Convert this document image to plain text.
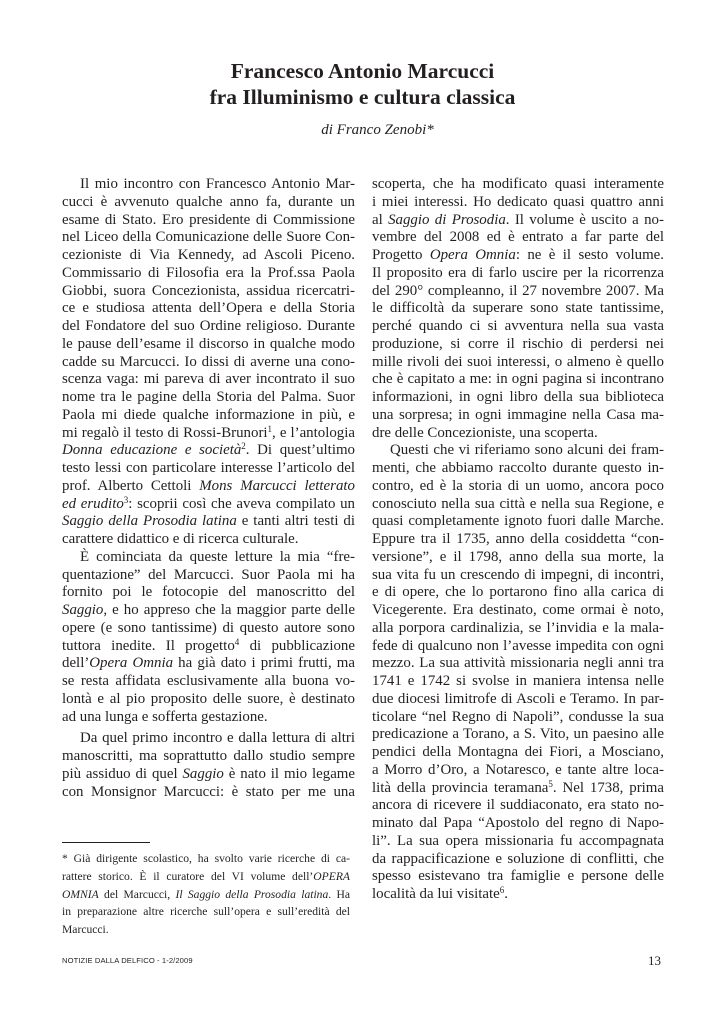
Francesco Antonio Marcucci
fra Illuminismo e cultura classica
di Franco Zenobi*
Il mio incontro con Francesco Antonio Mar-
cucci è avvenuto qualche anno fa, durante un
esame di Stato. Ero presidente di Commissione
nel Liceo della Comunicazione delle Suore Con-
cezioniste di Via Kennedy, ad Ascoli Piceno.
Commissario di Filosofia era la Prof.ssa Paola
Giobbi, suora Concezionista, assidua ricercatri-
ce e studiosa attenta dell’Opera e della Storia
del Fondatore del suo Ordine religioso. Durante
le pause dell’esame il discorso in qualche modo
cadde su Marcucci. Io dissi di averne una cono-
scenza vaga: mi pareva di aver incontrato il suo
nome tra le pagine della Storia del Palma. Suor
Paola mi diede qualche informazione in più, e
mi regalò il testo di Rossi-Brunori$^1$, e l’antologia
Donna educazione e società$^2$. Di quest’ultimo
testo lessi con particolare interesse l’articolo del
prof. Alberto Cettoli Mons Marcucci letterato
ed erudito$^3$: scoprii così che aveva compilato un
Saggio della Prosodia latina e tanti altri testi di
carattere didattico e di ricerca culturale.
È cominciata da queste letture la mia “fre-
quentazione” del Marcucci. Suor Paola mi ha
fornito poi le fotocopie del manoscritto del
Saggio, e ho appreso che la maggior parte delle
opere (e sono tantissime) di questo autore sono
tuttora inedite. Il progetto$^4$ di pubblicazione
dell’Opera Omnia ha già dato i primi frutti, ma
se resta affidata esclusivamente alla buona vo-
lontà e al pio proposito delle suore, è destinato
ad una lunga e sofferta gestazione.
Da quel primo incontro e dalla lettura di altri
manoscritti, ma soprattutto dallo studio sempre
più assiduo di quel Saggio è nato il mio legame
con Monsignor Marcucci: è stato per me una
scoperta, che ha modificato quasi interamente
i miei interessi. Ho dedicato quasi quattro anni
al Saggio di Prosodia. Il volume è uscito a no-
vembre del 2008 ed è entrato a far parte del
Progetto Opera Omnia: ne è il sesto volume.
Il proposito era di farlo uscire per la ricorrenza
del 290° compleanno, il 27 novembre 2007. Ma
le difficoltà da superare sono state tantissime,
perché quando ci si avventura nella sua vasta
produzione, si corre il rischio di perdersi nei
mille rivoli dei suoi interessi, o almeno è quello
che è capitato a me: in ogni pagina si incontrano
informazioni, in ogni libro della sua biblioteca
una sorpresa; in ogni immagine nella Casa ma-
dre delle Concezioniste, una scoperta.
Questi che vi riferiamo sono alcuni dei fram-
menti, che abbiamo raccolto durante questo in-
contro, ed è la storia di un uomo, ancora poco
conosciuto nella sua città e nella sua Regione, e
quasi completamente ignoto fuori dalle Marche.
Eppure tra il 1735, anno della cosiddetta “con-
versione”, e il 1798, anno della sua morte, la
sua vita fu un crescendo di impegni, di incontri,
e di opere, che lo portarono fino alla carica di
Vicegerente. Era destinato, come ormai è noto,
alla porpora cardinalizia, se l’invidia e la mala-
fede di qualcuno non l’avesse impedita con ogni
mezzo. La sua attività missionaria negli anni tra
1741 e 1742 si svolse in maniera intensa nelle
due diocesi limitrofe di Ascoli e Teramo. In par-
ticolare “nel Regno di Napoli”, condusse la sua
predicazione a Torano, a S. Vito, un paesino alle
pendici della Montagna dei Fiori, a Mosciano,
a Morro d’Oro, a Notaresco, e tante altre loca-
lità della provincia teramana$^5$. Nel 1738, prima
ancora di ricevere il suddiaconato, era stato no-
minato dal Papa “Apostolo del regno di Napo-
li”. La sua opera missionaria fu accompagnata
da rappacificazione e soluzione di conflitti, che
spesso esistevano tra famiglie e persone delle
località da lui visitate$^6$.
* Già dirigente scolastico, ha svolto varie ricerche di ca-
rattere storico. È il curatore del VI volume dell’OPERA
OMNIA del Marcucci, Il Saggio della Prosodia latina. Ha
in preparazione altre ricerche sull’opera e sull’eredità del
Marcucci.
NOTIZIE DALLA DELFICO - 1-2/2009	13
